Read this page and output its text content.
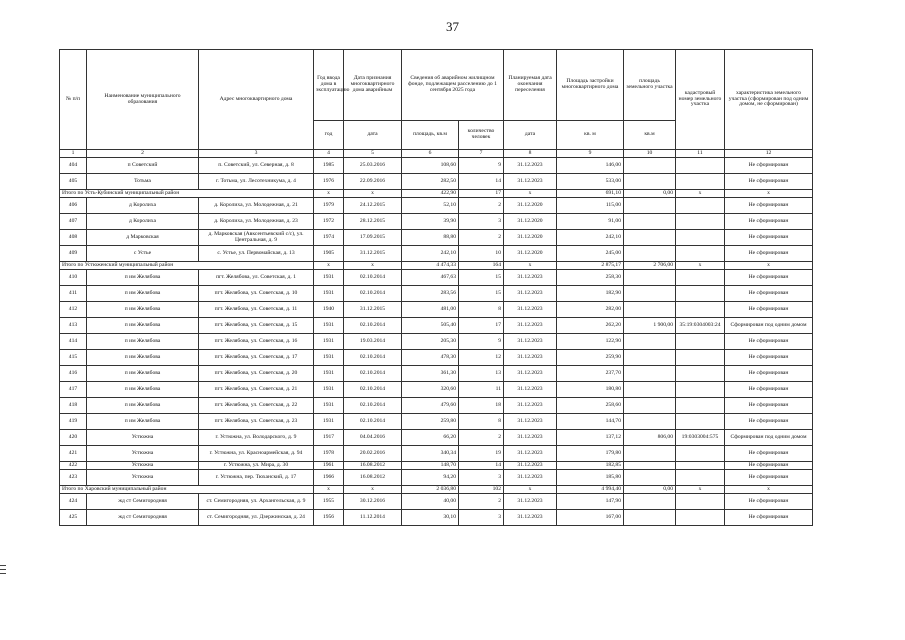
37
№ п/п	Наименование муниципального образования	Адрес многоквартирного дома	Год ввода дома в эксплуатацию	Дата признания многоквартирного дома аварийным	Сведения об аварийном жилищном фонде, подлежащем расселению до 1 сентября 2025 года		Планируемая дата окончания переселения	Площадь застройки многоквартирного дома	площадь земельного участка	кадастровый номер земельного участка	характеристика земельного участка (сформирован под одним домом, не сформирован)
			год	дата	площадь, кв.м	количество человек	дата	кв. м	кв.м		
1	2	3	4	5	6	7	8	9	10	11	12
404	п Советский	п. Советский, ул. Северная, д. 8	1985	25.03.2016	108,60	9	31.12.2023	146,00			Не сформирован
405	Тотьма	г. Тотьма, ул. Лесотехникума, д. 4	1976	22.09.2016	282,50	14	31.12.2023	533,00			Не сформирован
Итого по Усть-Кубинский муниципальный район			x	x	422,90	17	x	691,10	0,00	x	x
406	д Королиха	д. Королиха, ул. Молодежная, д. 21	1979	24.12.2015	52,10	2	31.12.2020	115,00			Не сформирован
407	д Королиха	д. Королиха, ул. Молодежная, д. 23	1972	28.12.2015	39,90	3	31.12.2020	91,00			Не сформирован
408	д Марковская	д. Марковская (Авксентьевский с/с), ул. Центральная, д. 9	1974	17.09.2015	88,80	2	31.12.2020	242,10			Не сформирован
409	с Устье	с. Устье, ул. Первомайская, д. 13	1905	31.12.2015	242,10	10	31.12.2020	245,00			Не сформирован
Итого по Устюженский муниципальный район			x	x	4 474,33	164	x	2 875,17	2 706,00	x	x
410	п им Желябова	пгт. Желябова, ул. Советская, д. 1	1931	02.10.2014	467,63	15	31.12.2023	258,30			Не сформирован
411	п им Желябова	пгт. Желябова, ул. Советская, д. 10	1931	02.10.2014	283,56	15	31.12.2023	182,90			Не сформирован
412	п им Желябова	пгт. Желябова, ул. Советская, д. 11	1940	31.12.2015	481,00	8	31.12.2023	282,00			Не сформирован
413	п им Желябова	пгт. Желябова, ул. Советская, д. 15	1931	02.10.2014	505,40	17	31.12.2023	262,20	1 900,00	35:19:0304003:24	Сформирован под одним домом
414	п им Желябова	пгт. Желябова, ул. Советская, д. 16	1931	19.03.2014	205,30	9	31.12.2023	122,90			Не сформирован
415	п им Желябова	пгт. Желябова, ул. Советская, д. 17	1931	02.10.2014	478,30	12	31.12.2023	259,90			Не сформирован
416	п им Желябова	пгт. Желябова, ул. Советская, д. 20	1931	02.10.2014	361,30	13	31.12.2023	237,70			Не сформирован
417	п им Желябова	пгт. Желябова, ул. Советская, д. 21	1931	02.10.2014	320,60	11	31.12.2023	180,80			Не сформирован
418	п им Желябова	пгт. Желябова, ул. Советская, д. 22	1931	02.10.2014	479,60	18	31.12.2023	258,60			Не сформирован
419	п им Желябова	пгт. Желябова, ул. Советская, д. 23	1931	02.10.2014	259,80	8	31.12.2023	144,70			Не сформирован
420	Устюжна	г. Устюжна, ул. Володарского, д. 9	1917	04.04.2016	66,20	2	31.12.2023	137,12	806,00	19:0303004:575	Сформирован под одним домом
421	Устюжна	г. Устюжна, ул. Красноармейская, д. 94	1978	20.02.2016	340,34	19	31.12.2023	179,80			Не сформирован
422	Устюжна	г. Устюжна, ул. Мира, д. 30	1961	16.08.2012	148,70	14	31.12.2023	182,85			Не сформирован
423	Устюжна	г. Устюжна, пер. Тюханский, д. 17	1966	16.08.2012	94,20	3	31.12.2023	185,80			Не сформирован
Итого по Харовский муниципальный район			x	x	2 036,80	102	x	4 994,40	0,00	x	x
424	жд ст Семигородняя	ст. Семигородняя, ул. Архангельская, д. 9	1955	30.12.2016	40,00	2	31.12.2023	147,90			Не сформирован
425	жд ст Семигородняя	ст. Семигородняя, ул. Дзержинская, д. 24	1956	11.12.2014	30,10	3	31.12.2023	167,00			Не сформирован
